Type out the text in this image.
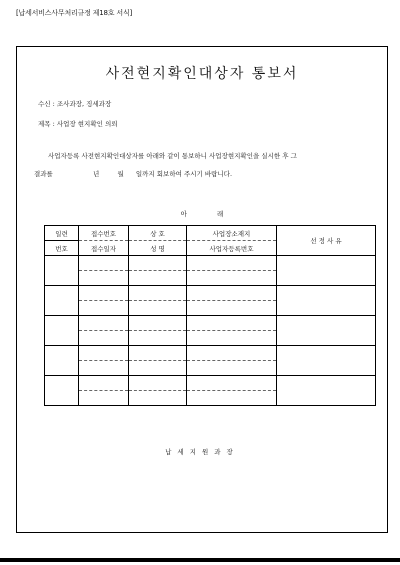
[납세서비스사무처리규정 제18호 서식]
사전현지확인대상자 통보서
수신 : 조사과장, 징세과장
제목 : 사업장 현지확인 의뢰
사업자등록 사전현지확인대상자를 아래와 같이 통보하니 사업장현지확인을 실시한 후 그
결과를	년	월 일까지 회보하여 주시기 바랍니다.
아	래
일련	접수번호	상 호	사업장소재지	선 정 사 유
번호	접수일자	성 명	사업자등록번호	

납세지원과장
